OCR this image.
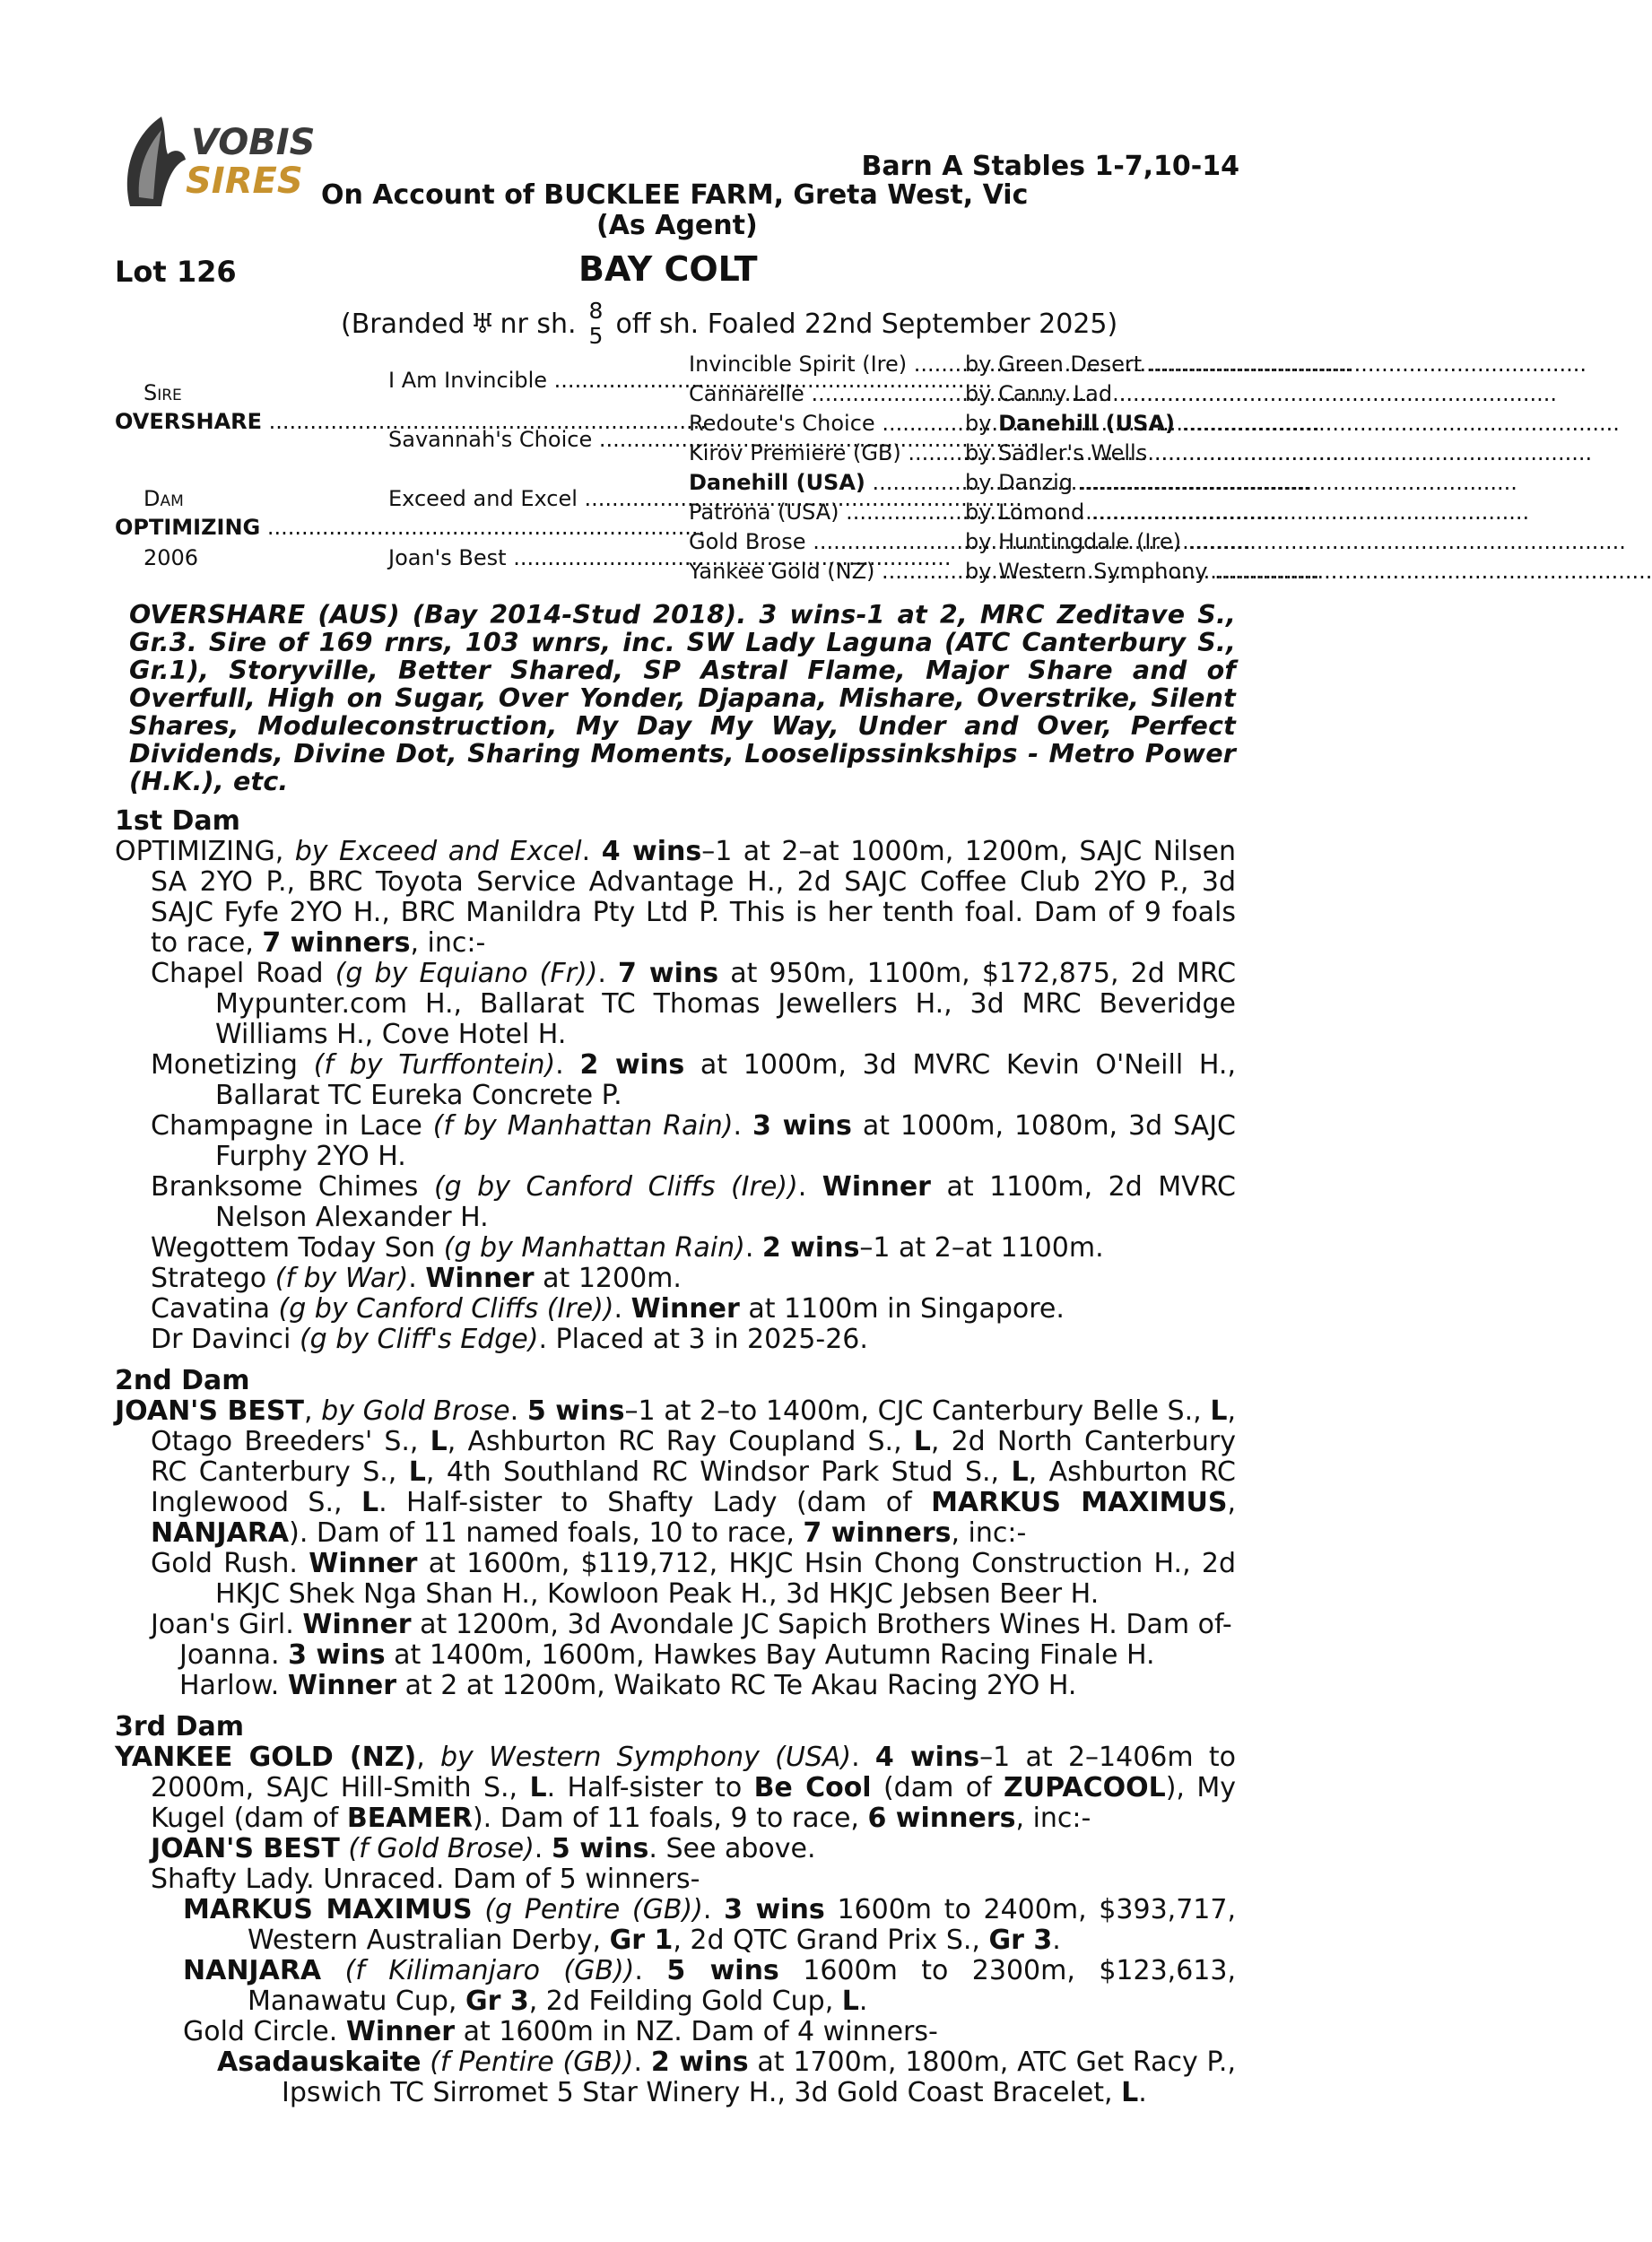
VOBIS
SIRES	Barn A Stables 1-7,10-14
On Account of BUCKLEE FARM, Greta West, Vic
(As Agent)
Lot 126	BAY COLT
(Branded ♅ nr sh. 8
5 off sh. Foaled 22nd September 2025)
Sire
OVERSHARE .....
Dam
OPTIMIZING .....
2006
I Am Invincible .....
Savannah's Choice .....
Exceed and Excel .....
Joan's Best .....
Invincible Spirit (Ire) .....
Cannarelle .....
Redoute's Choice .....
Kirov Premiere (GB) .....
Danehill (USA) .....
Patrona (USA) .....
Gold Brose .....
Yankee Gold (NZ) .....
by Green Desert .....
by Canny Lad .....
by Danehill (USA) .....
by Sadler's Wells .....
by Danzig .....
by Lomond .....
by Huntingdale (Ire) .....
by Western Symphony .....

OVERSHARE (AUS) (Bay 2014-Stud 2018). 3 wins-1 at 2, MRC Zeditave S., Gr.3. Sire of 169 rnrs, 103 wnrs, inc. SW Lady Laguna (ATC Canterbury S., Gr.1), Storyville, Better Shared, SP Astral Flame, Major Share and of Overfull, High on Sugar, Over Yonder, Djapana, Mishare, Overstrike, Silent Shares, Moduleconstruction, My Day My Way, Under and Over, Perfect Dividends, Divine Dot, Sharing Moments, Looselipssinkships - Metro Power (H.K.), etc.

1st Dam

OPTIMIZING, by Exceed and Excel. 4 wins–1 at 2–at 1000m, 1200m, SAJC Nilsen SA 2YO P., BRC Toyota Service Advantage H., 2d SAJC Coffee Club 2YO P., 3d SAJC Fyfe 2YO H., BRC Manildra Pty Ltd P. This is her tenth foal. Dam of 9 foals to race, 7 winners, inc:-

Chapel Road (g by Equiano (Fr)). 7 wins at 950m, 1100m, $172,875, 2d MRC Mypunter.com H., Ballarat TC Thomas Jewellers H., 3d MRC Beveridge Williams H., Cove Hotel H.

Monetizing (f by Turffontein). 2 wins at 1000m, 3d MVRC Kevin O'Neill H., Ballarat TC Eureka Concrete P.

Champagne in Lace (f by Manhattan Rain). 3 wins at 1000m, 1080m, 3d SAJC Furphy 2YO H.

Branksome Chimes (g by Canford Cliffs (Ire)). Winner at 1100m, 2d MVRC Nelson Alexander H.

Wegottem Today Son (g by Manhattan Rain). 2 wins–1 at 2–at 1100m.

Stratego (f by War). Winner at 1200m.

Cavatina (g by Canford Cliffs (Ire)). Winner at 1100m in Singapore.

Dr Davinci (g by Cliff's Edge). Placed at 3 in 2025-26.

2nd Dam

JOAN'S BEST, by Gold Brose. 5 wins–1 at 2–to 1400m, CJC Canterbury Belle S., L, Otago Breeders' S., L, Ashburton RC Ray Coupland S., L, 2d North Canterbury RC Canterbury S., L, 4th Southland RC Windsor Park Stud S., L, Ashburton RC Inglewood S., L. Half-sister to Shafty Lady (dam of MARKUS MAXIMUS, NANJARA). Dam of 11 named foals, 10 to race, 7 winners, inc:-

Gold Rush. Winner at 1600m, $119,712, HKJC Hsin Chong Construction H., 2d HKJC Shek Nga Shan H., Kowloon Peak H., 3d HKJC Jebsen Beer H.

Joan's Girl. Winner at 1200m, 3d Avondale JC Sapich Brothers Wines H. Dam of-

Joanna. 3 wins at 1400m, 1600m, Hawkes Bay Autumn Racing Finale H.

Harlow. Winner at 2 at 1200m, Waikato RC Te Akau Racing 2YO H.

3rd Dam

YANKEE GOLD (NZ), by Western Symphony (USA). 4 wins–1 at 2–1406m to 2000m, SAJC Hill-Smith S., L. Half-sister to Be Cool (dam of ZUPACOOL), My Kugel (dam of BEAMER). Dam of 11 foals, 9 to race, 6 winners, inc:-

JOAN'S BEST (f Gold Brose). 5 wins. See above.

Shafty Lady. Unraced. Dam of 5 winners-

MARKUS MAXIMUS (g Pentire (GB)). 3 wins 1600m to 2400m, $393,717, Western Australian Derby, Gr 1, 2d QTC Grand Prix S., Gr 3.

NANJARA (f Kilimanjaro (GB)). 5 wins 1600m to 2300m, $123,613, Manawatu Cup, Gr 3, 2d Feilding Gold Cup, L.

Gold Circle. Winner at 1600m in NZ. Dam of 4 winners-

Asadauskaite (f Pentire (GB)). 2 wins at 1700m, 1800m, ATC Get Racy P., Ipswich TC Sirromet 5 Star Winery H., 3d Gold Coast Bracelet, L.
